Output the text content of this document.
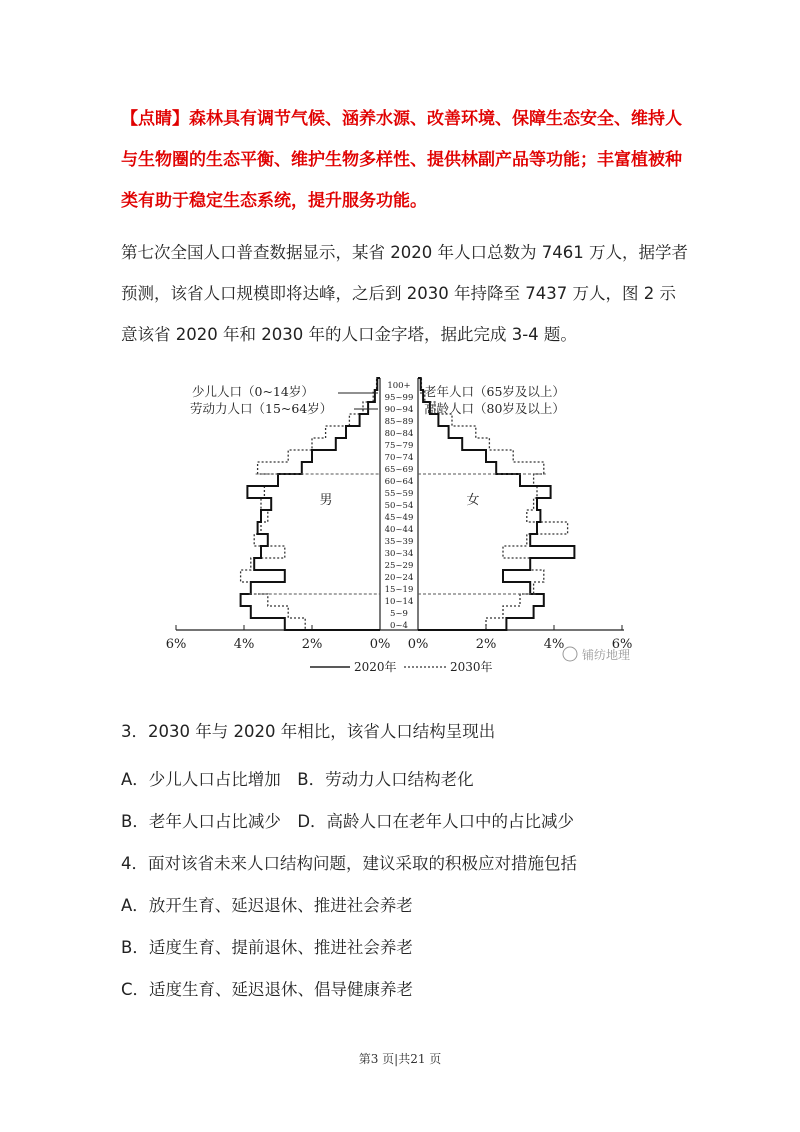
【点睛】森林具有调节气候、涵养水源、改善环境、保障生态安全、维持人与生物圈的生态平衡、维护生物多样性、提供林副产品等功能；丰富植被种类有助于稳定生态系统，提升服务功能。
第七次全国人口普查数据显示，某省 2020 年人口总数为 7461 万人，据学者预测，该省人口规模即将达峰，之后到 2030 年持降至 7437 万人，图 2 示意该省 2020 年和 2030 年的人口金字塔，据此完成 3-4 题。
6%	4%	2%	0% 0%	2%	4%	6%
0~4
5~9
10~14
15~19
20~24
25~29
30~34
35~39
40~44
45~49
50~54
55~59
60~64
65~69
70~74
75~79
80~84
85~89
90~94
95~99
100+
少儿人口（0~14岁）
劳动力人口（15~64岁）
老年人口（65岁及以上）
高龄人口（80岁及以上）
男	女
2020年	2030年
铺纺地理
3．2030 年与 2020 年相比，该省人口结构呈现出
A．少儿人口占比增加　B．劳动力人口结构老化
B．老年人口占比减少　D．高龄人口在老年人口中的占比减少
4．面对该省未来人口结构问题，建议采取的积极应对措施包括
A．放开生育、延迟退休、推进社会养老
B．适度生育、提前退休、推进社会养老
C．适度生育、延迟退休、倡导健康养老
第3 页|共21 页
